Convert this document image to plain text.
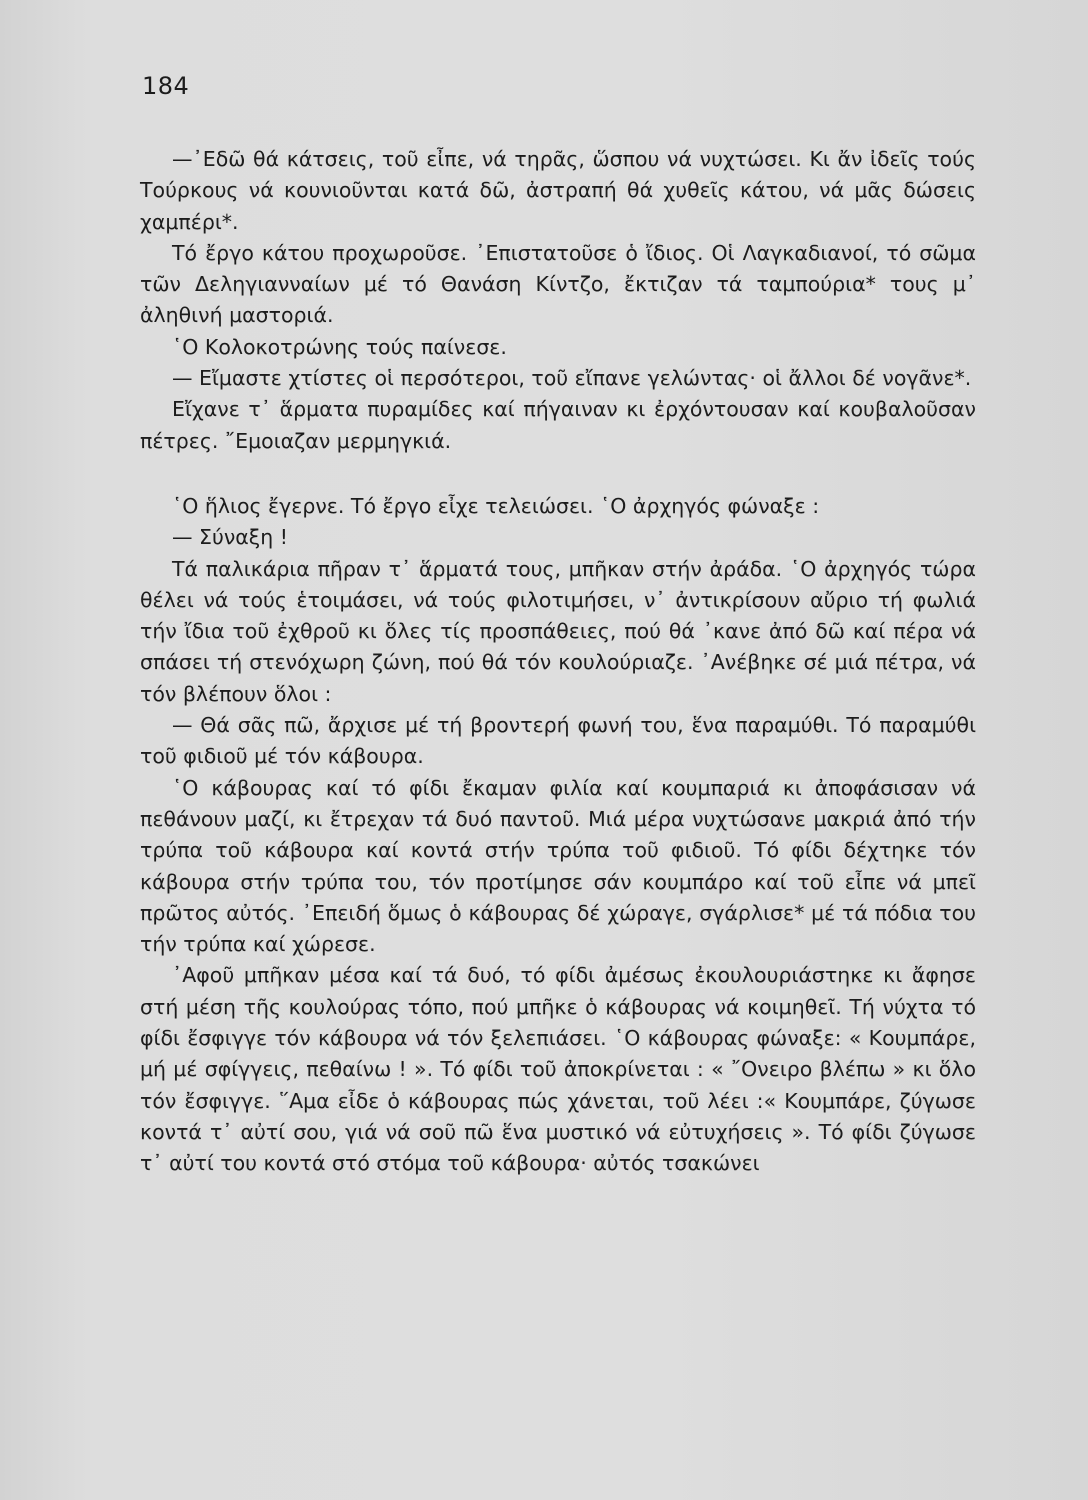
184

—᾿Εδῶ θά κάτσεις, τοῦ εἶπε, νά τηρᾶς, ὥσπου νά νυχτώσει. Κι ἄν ἰδεῖς τούς Τούρκους νά κουνιοῦνται κατά δῶ, ἀστραπή θά χυθεῖς κάτου, νά μᾶς δώσεις χαμπέρι*.

Τό ἔργο κάτου προχωροῦσε. ᾿Επιστατοῦσε ὁ ἴδιος. Οἱ Λαγκαδιανοί, τό σῶμα τῶν Δεληγιανναίων μέ τό Θανάση Κίντζο, ἔκτιζαν τά ταμπούρια* τους μ᾿ ἀληθινή μαστοριά.

῾Ο Κολοκοτρώνης τούς παίνεσε.

— Εἴμαστε χτίστες οἱ περσότεροι, τοῦ εἴπανε γελώντας· οἱ ἄλλοι δέ νογᾶνε*.

Εἴχανε τ᾿ ἅρματα πυραμίδες καί πήγαιναν κι ἐρχόντουσαν καί κουβαλοῦσαν πέτρες. ῎Εμοιαζαν μερμηγκιά.

῾Ο ἥλιος ἔγερνε. Τό ἔργο εἶχε τελειώσει. ῾Ο ἀρχηγός φώναξε :

— Σύναξη !

Τά παλικάρια πῆραν τ᾿ ἅρματά τους, μπῆκαν στήν ἀράδα. ῾Ο ἀρχηγός τώρα θέλει νά τούς ἑτοιμάσει, νά τούς φιλοτιμήσει, ν᾿ ἀντικρίσουν αὔριο τή φωλιά τήν ἴδια τοῦ ἐχθροῦ κι ὅλες τίς προσπάθειες, πού θά ᾿κανε ἀπό δῶ καί πέρα νά σπάσει τή στενόχωρη ζώνη, πού θά τόν κουλούριαζε. ᾿Ανέβηκε σέ μιά πέτρα, νά τόν βλέπουν ὅλοι :

— Θά σᾶς πῶ, ἄρχισε μέ τή βροντερή φωνή του, ἕνα παραμύθι. Τό παραμύθι τοῦ φιδιοῦ μέ τόν κάβουρα.

῾Ο κάβουρας καί τό φίδι ἔκαμαν φιλία καί κουμπαριά κι ἀποφάσισαν νά πεθάνουν μαζί, κι ἔτρεχαν τά δυό παντοῦ. Μιά μέρα νυχτώσανε μακριά ἀπό τήν τρύπα τοῦ κάβουρα καί κοντά στήν τρύπα τοῦ φιδιοῦ. Τό φίδι δέχτηκε τόν κάβουρα στήν τρύπα του, τόν προτίμησε σάν κουμπάρο καί τοῦ εἶπε νά μπεῖ πρῶτος αὐτός. ᾿Επειδή ὅμως ὁ κάβουρας δέ χώραγε, σγάρλισε* μέ τά πόδια του τήν τρύπα καί χώρεσε.

᾿Αφοῦ μπῆκαν μέσα καί τά δυό, τό φίδι ἀμέσως ἐκουλουριάστηκε κι ἄφησε στή μέση τῆς κουλούρας τόπο, πού μπῆκε ὁ κάβουρας νά κοιμηθεῖ. Τή νύχτα τό φίδι ἔσφιγγε τόν κάβουρα νά τόν ξελεπιάσει. ῾Ο κάβουρας φώναξε: « Κουμπάρε, μή μέ σφίγγεις, πεθαίνω ! ». Τό φίδι τοῦ ἀποκρίνεται : « ῎Ονειρο βλέπω » κι ὅλο τόν ἔσφιγγε. ῞Αμα εἶδε ὁ κάβουρας πώς χάνεται, τοῦ λέει :« Κουμπάρε, ζύγωσε κοντά τ᾿ αὐτί σου, γιά νά σοῦ πῶ ἕνα μυστικό νά εὐτυχήσεις ». Τό φίδι ζύγωσε τ᾿ αὐτί του κοντά στό στόμα τοῦ κάβουρα· αὐτός τσακώνει
